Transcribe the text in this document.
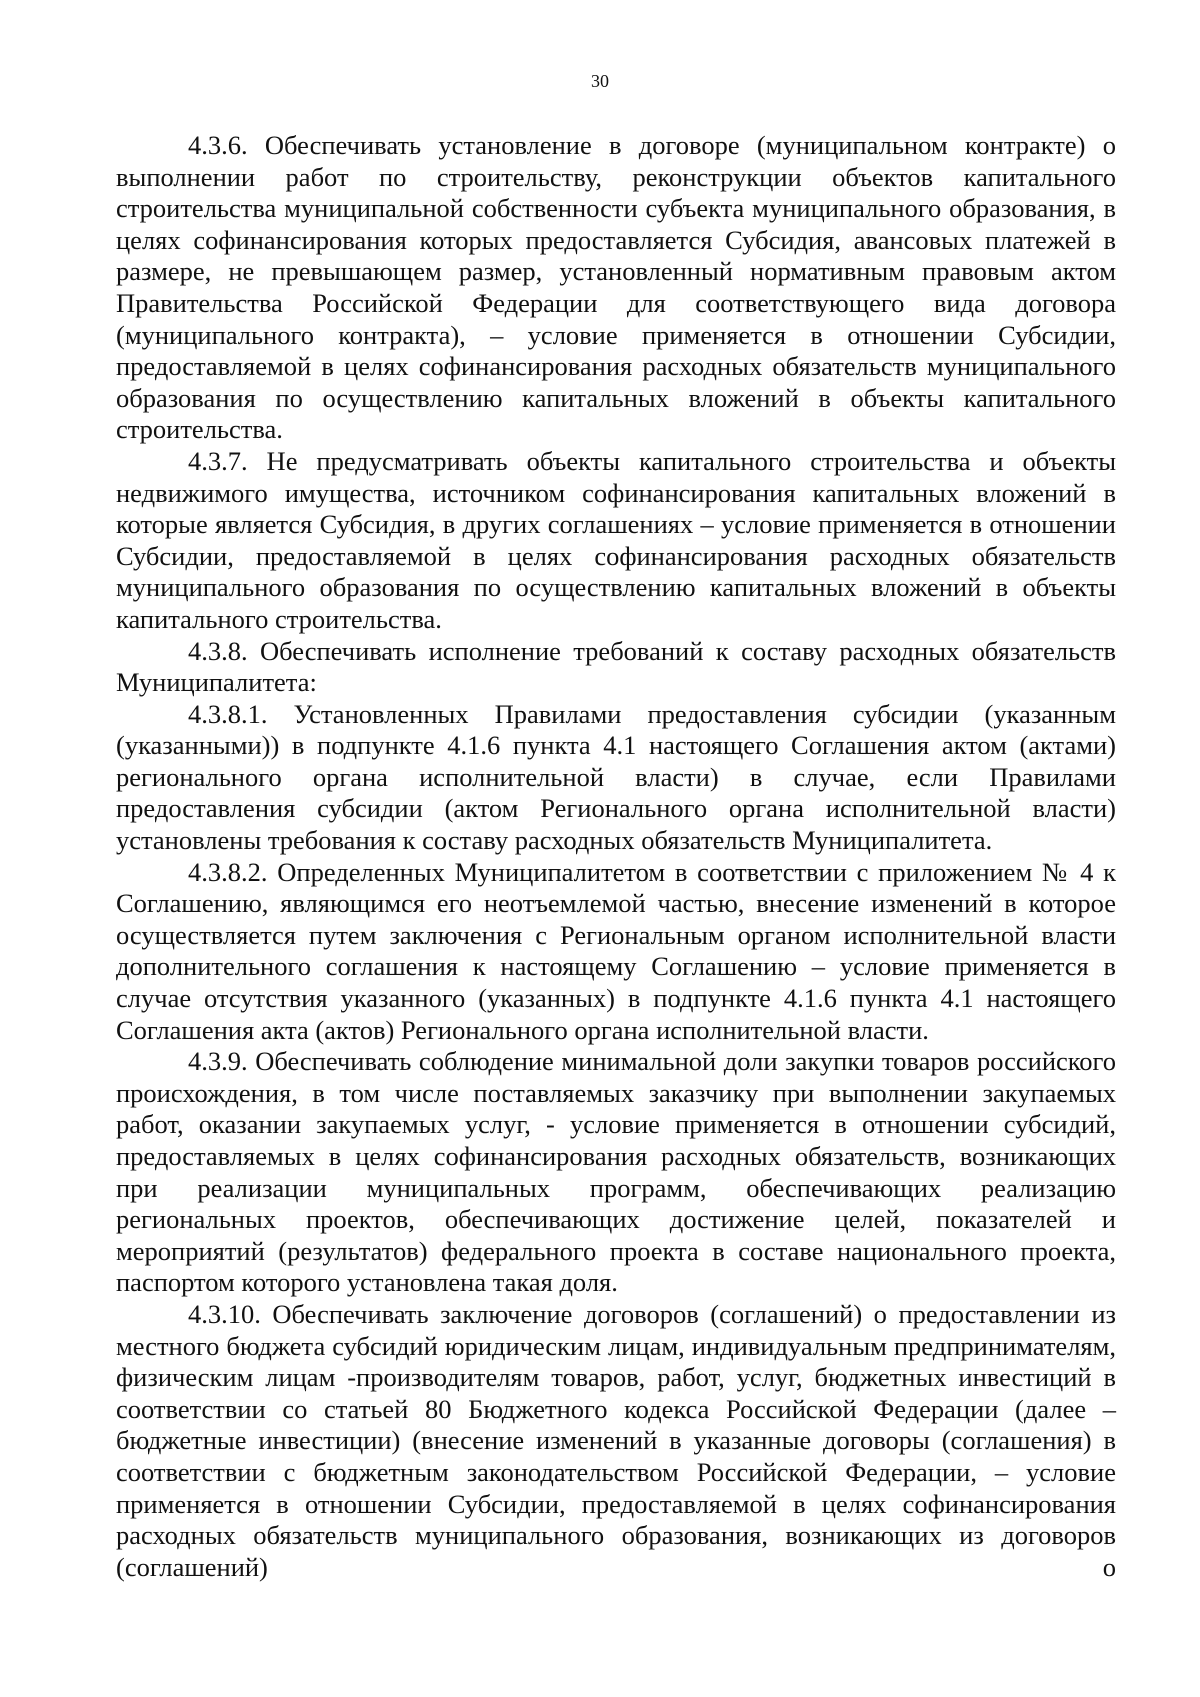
30

4.3.6. Обеспечивать установление в договоре (муниципальном контракте) о выполнении работ по строительству, реконструкции объектов капитального строительства муниципальной собственности субъекта муниципального образования, в целях софинансирования которых предоставляется Субсидия, авансовых платежей в размере, не превышающем размер, установленный нормативным правовым актом Правительства Российской Федерации для соответствующего вида договора (муниципального контракта), – условие применяется в отношении Субсидии, предоставляемой в целях софинансирования расходных обязательств муниципального образования по осуществлению капитальных вложений в объекты капитального строительства.

4.3.7. Не предусматривать объекты капитального строительства и объекты недвижимого имущества, источником софинансирования капитальных вложений в которые является Субсидия, в других соглашениях – условие применяется в отношении Субсидии, предоставляемой в целях софинансирования расходных обязательств муниципального образования по осуществлению капитальных вложений в объекты капитального строительства.

4.3.8. Обеспечивать исполнение требований к составу расходных обязательств Муниципалитета:

4.3.8.1. Установленных Правилами предоставления субсидии (указанным (указанными)) в подпункте 4.1.6 пункта 4.1 настоящего Соглашения актом (актами) регионального органа исполнительной власти) в случае, если Правилами предоставления субсидии (актом Регионального органа исполнительной власти) установлены требования к составу расходных обязательств Муниципалитета.

4.3.8.2. Определенных Муниципалитетом в соответствии с приложением № 4 к Соглашению, являющимся его неотъемлемой частью, внесение изменений в которое осуществляется путем заключения с Региональным органом исполнительной власти дополнительного соглашения к настоящему Соглашению – условие применяется в случае отсутствия указанного (указанных) в подпункте 4.1.6 пункта 4.1 настоящего Соглашения акта (актов) Регионального органа исполнительной власти.

4.3.9. Обеспечивать соблюдение минимальной доли закупки товаров российского происхождения, в том числе поставляемых заказчику при выполнении закупаемых работ, оказании закупаемых услуг, - условие применяется в отношении субсидий, предоставляемых в целях софинансирования расходных обязательств, возникающих при реализации муниципальных программ, обеспечивающих реализацию региональных проектов, обеспечивающих достижение целей, показателей и мероприятий (результатов) федерального проекта в составе национального проекта, паспортом которого установлена такая доля.

4.3.10. Обеспечивать заключение договоров (соглашений) о предоставлении из местного бюджета субсидий юридическим лицам, индивидуальным предпринимателям, физическим лицам -производителям товаров, работ, услуг, бюджетных инвестиций в соответствии со статьей 80 Бюджетного кодекса Российской Федерации (далее – бюджетные инвестиции) (внесение изменений в указанные договоры (соглашения) в соответствии с бюджетным законодательством Российской Федерации, – условие применяется в отношении Субсидии, предоставляемой в целях софинансирования расходных обязательств муниципального образования, возникающих из договоров (соглашений) о
